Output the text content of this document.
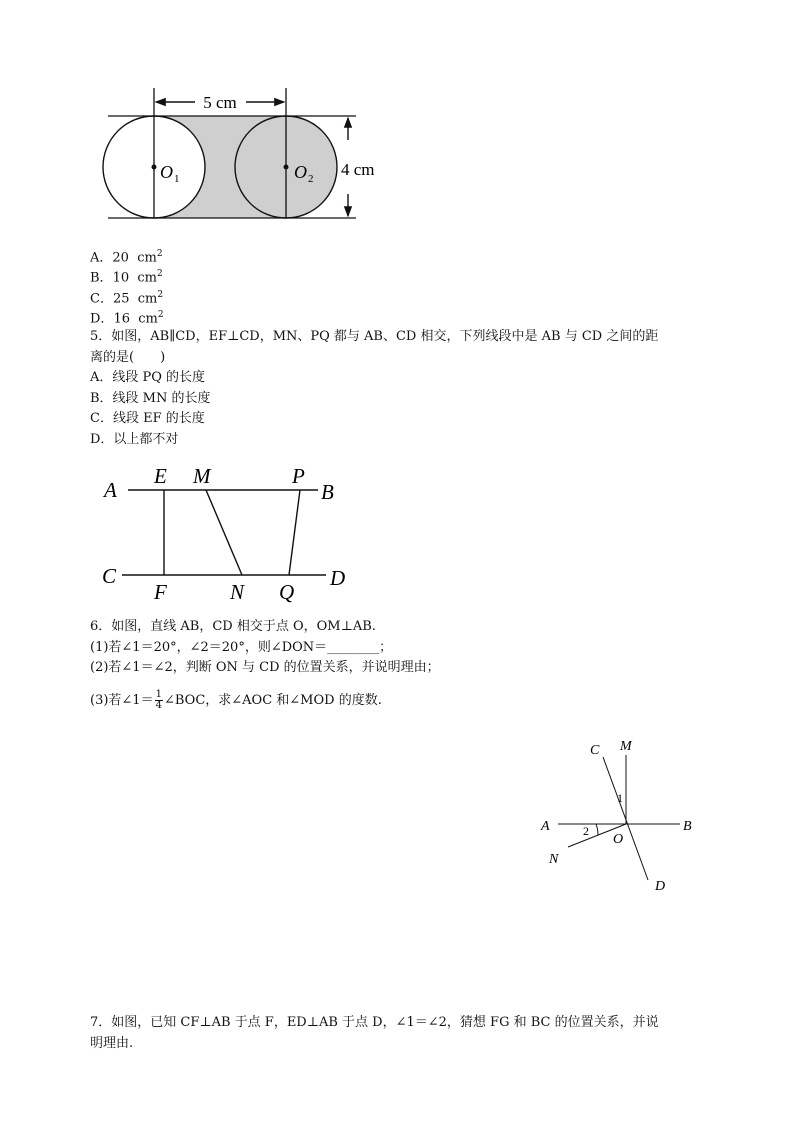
5 cm
4 cm
O 1	O 2
A．20 $cm^2$
B．10 $cm^2$
C．25 $cm^2$
D．16 $cm^2$
5．如图，AB∥CD，EF⊥CD，MN、PQ 都与 AB、CD 相交，下列线段中是 AB 与 CD 之间的距
离的是(　　)
A．线段 PQ 的长度
B．线段 MN 的长度
C．线段 EF 的长度
D．以上都不对
A
E M	P
B
C
F	N Q
D
6．如图，直线 AB，CD 相交于点 O，OM⊥AB.
(1)若∠1＝20°，∠2＝20°，则∠DON＝________；
(2)若∠1＝∠2，判断 ON 与 CD 的位置关系，并说明理由；
(3)若∠1＝ $\frac{1}{4}$ ∠BOC，求∠AOC 和∠MOD 的度数.
C M
A	B
O
N
D
1
2
7．如图，已知 CF⊥AB 于点 F，ED⊥AB 于点 D，∠1＝∠2，猜想 FG 和 BC 的位置关系，并说
明理由.
